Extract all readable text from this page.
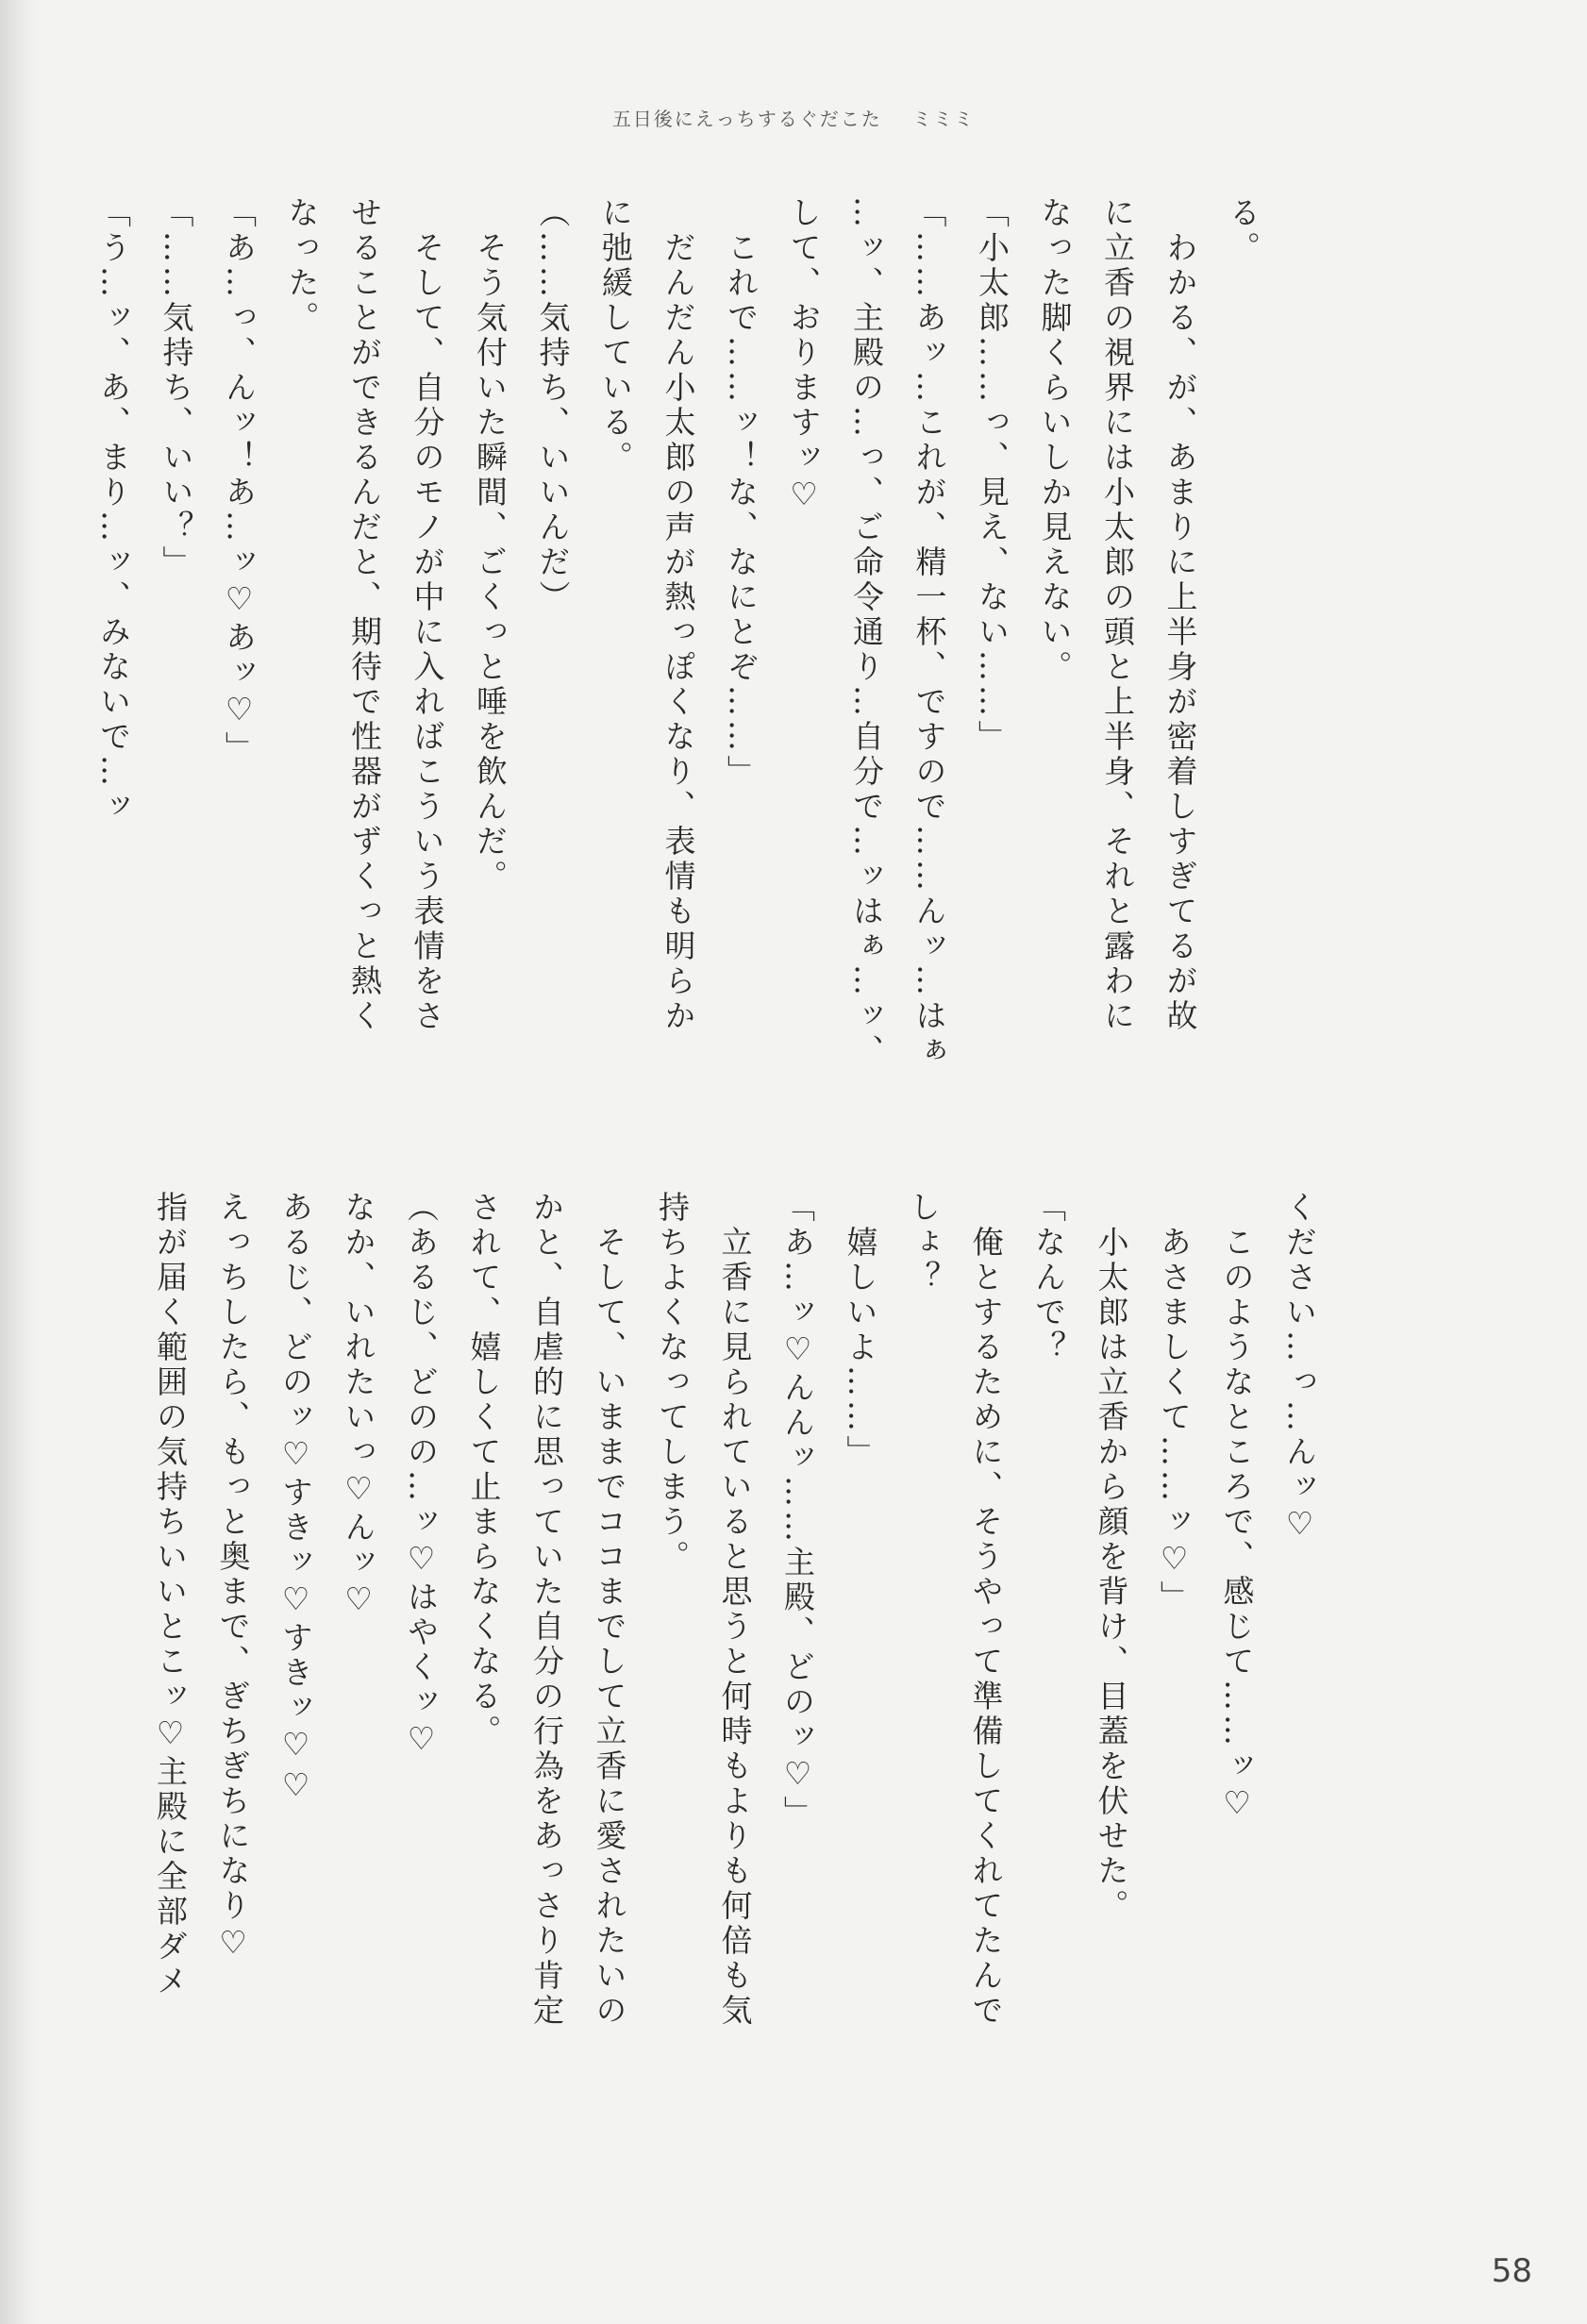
五日後にえっちするぐだこた ミミミ
る。
　わかる、が、あまりに上半身が密着しすぎてるが故
に立香の視界には小太郎の頭と上半身、それと露わに
なった脚くらいしか見えない。
「小太郎……っ、見え、ない……」
「……あッ…これが、精一杯、ですので……んッ…はぁ
…ッ、主殿の…っ、ご命令通り…自分で…ッはぁ…ッ、
して、おりますッ♡
　これで……ッ！な、なにとぞ……」
　だんだん小太郎の声が熱っぽくなり、表情も明らか
に弛緩している。
（……気持ち、いいんだ）
　そう気付いた瞬間、ごくっと唾を飲んだ。
　そして、自分のモノが中に入ればこういう表情をさ
せることができるんだと、期待で性器がずくっと熱く
なった。
「あ…っ、んッ！あ…ッ♡あッ♡」
「……気持ち、いい？」
「う…ッ、あ、まり…ッ、みないで…ッ
ください…っ…んッ♡
　このようなところで、感じて……ッ♡
　あさましくて……ッ♡」
　小太郎は立香から顔を背け、目蓋を伏せた。
「なんで？
　俺とするために、そうやって準備してくれてたんで
しょ？
　嬉しいよ……」
「あ…ッ♡んんッ……主殿、どのッ♡」
　立香に見られていると思うと何時もよりも何倍も気
持ちよくなってしまう。
　そして、いままでココまでして立香に愛されたいの
かと、自虐的に思っていた自分の行為をあっさり肯定
されて、嬉しくて止まらなくなる。
（あるじ、どのの…ッ♡はやくッ♡
なか、いれたいっ♡んッ♡
あるじ、どのッ♡すきッ♡すきッ♡♡
えっちしたら、もっと奥まで、ぎちぎちになり♡
指が届く範囲の気持ちいいとこッ♡主殿に全部ダメ
58
